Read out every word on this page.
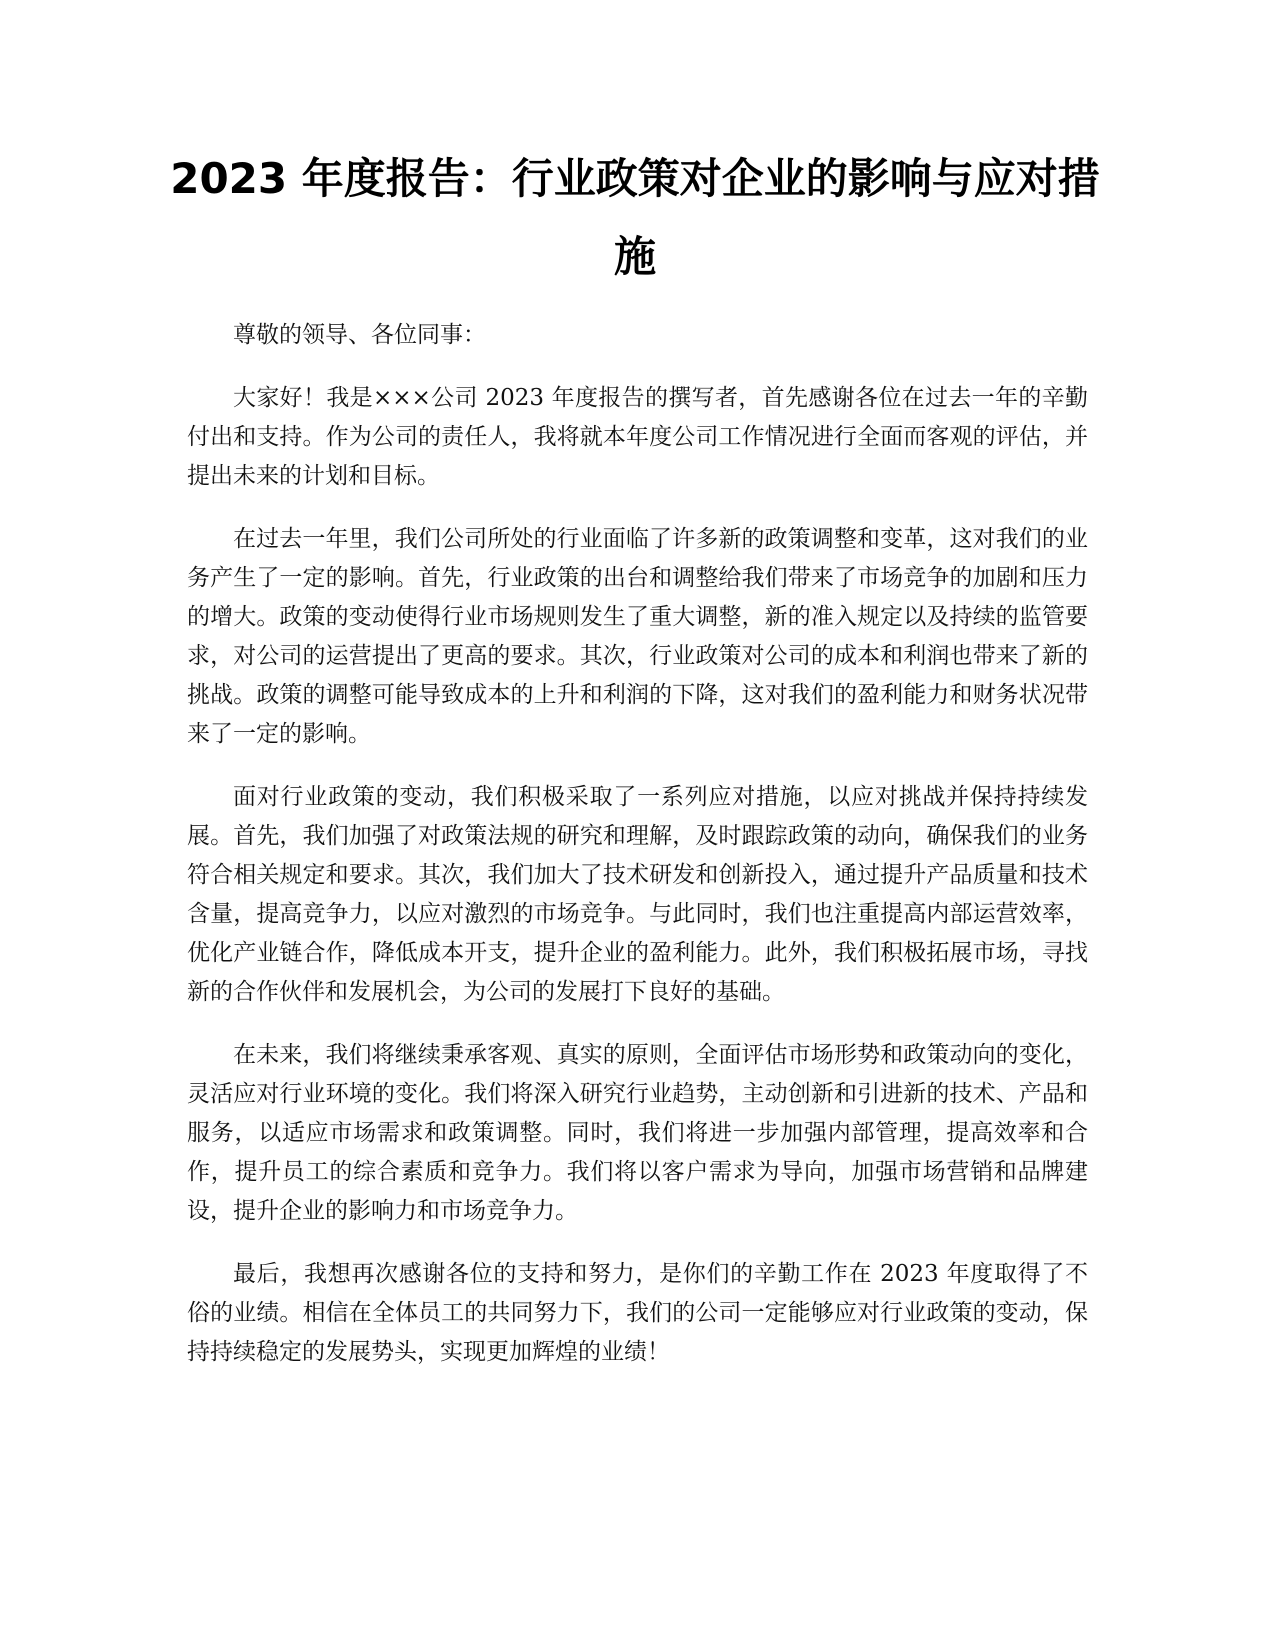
2023 年度报告：行业政策对企业的影响与应对措施

尊敬的领导、各位同事：

大家好！我是×××公司 2023 年度报告的撰写者，首先感谢各位在过去一年的辛勤付出和支持。作为公司的责任人，我将就本年度公司工作情况进行全面而客观的评估，并提出未来的计划和目标。

在过去一年里，我们公司所处的行业面临了许多新的政策调整和变革，这对我们的业务产生了一定的影响。首先，行业政策的出台和调整给我们带来了市场竞争的加剧和压力的增大。政策的变动使得行业市场规则发生了重大调整，新的准入规定以及持续的监管要求，对公司的运营提出了更高的要求。其次，行业政策对公司的成本和利润也带来了新的挑战。政策的调整可能导致成本的上升和利润的下降，这对我们的盈利能力和财务状况带来了一定的影响。

面对行业政策的变动，我们积极采取了一系列应对措施，以应对挑战并保持持续发展。首先，我们加强了对政策法规的研究和理解，及时跟踪政策的动向，确保我们的业务符合相关规定和要求。其次，我们加大了技术研发和创新投入，通过提升产品质量和技术含量，提高竞争力，以应对激烈的市场竞争。与此同时，我们也注重提高内部运营效率，优化产业链合作，降低成本开支，提升企业的盈利能力。此外，我们积极拓展市场，寻找新的合作伙伴和发展机会，为公司的发展打下良好的基础。

在未来，我们将继续秉承客观、真实的原则，全面评估市场形势和政策动向的变化，灵活应对行业环境的变化。我们将深入研究行业趋势，主动创新和引进新的技术、产品和服务，以适应市场需求和政策调整。同时，我们将进一步加强内部管理，提高效率和合作，提升员工的综合素质和竞争力。我们将以客户需求为导向，加强市场营销和品牌建设，提升企业的影响力和市场竞争力。

最后，我想再次感谢各位的支持和努力，是你们的辛勤工作在 2023 年度取得了不俗的业绩。相信在全体员工的共同努力下，我们的公司一定能够应对行业政策的变动，保持持续稳定的发展势头，实现更加辉煌的业绩！
